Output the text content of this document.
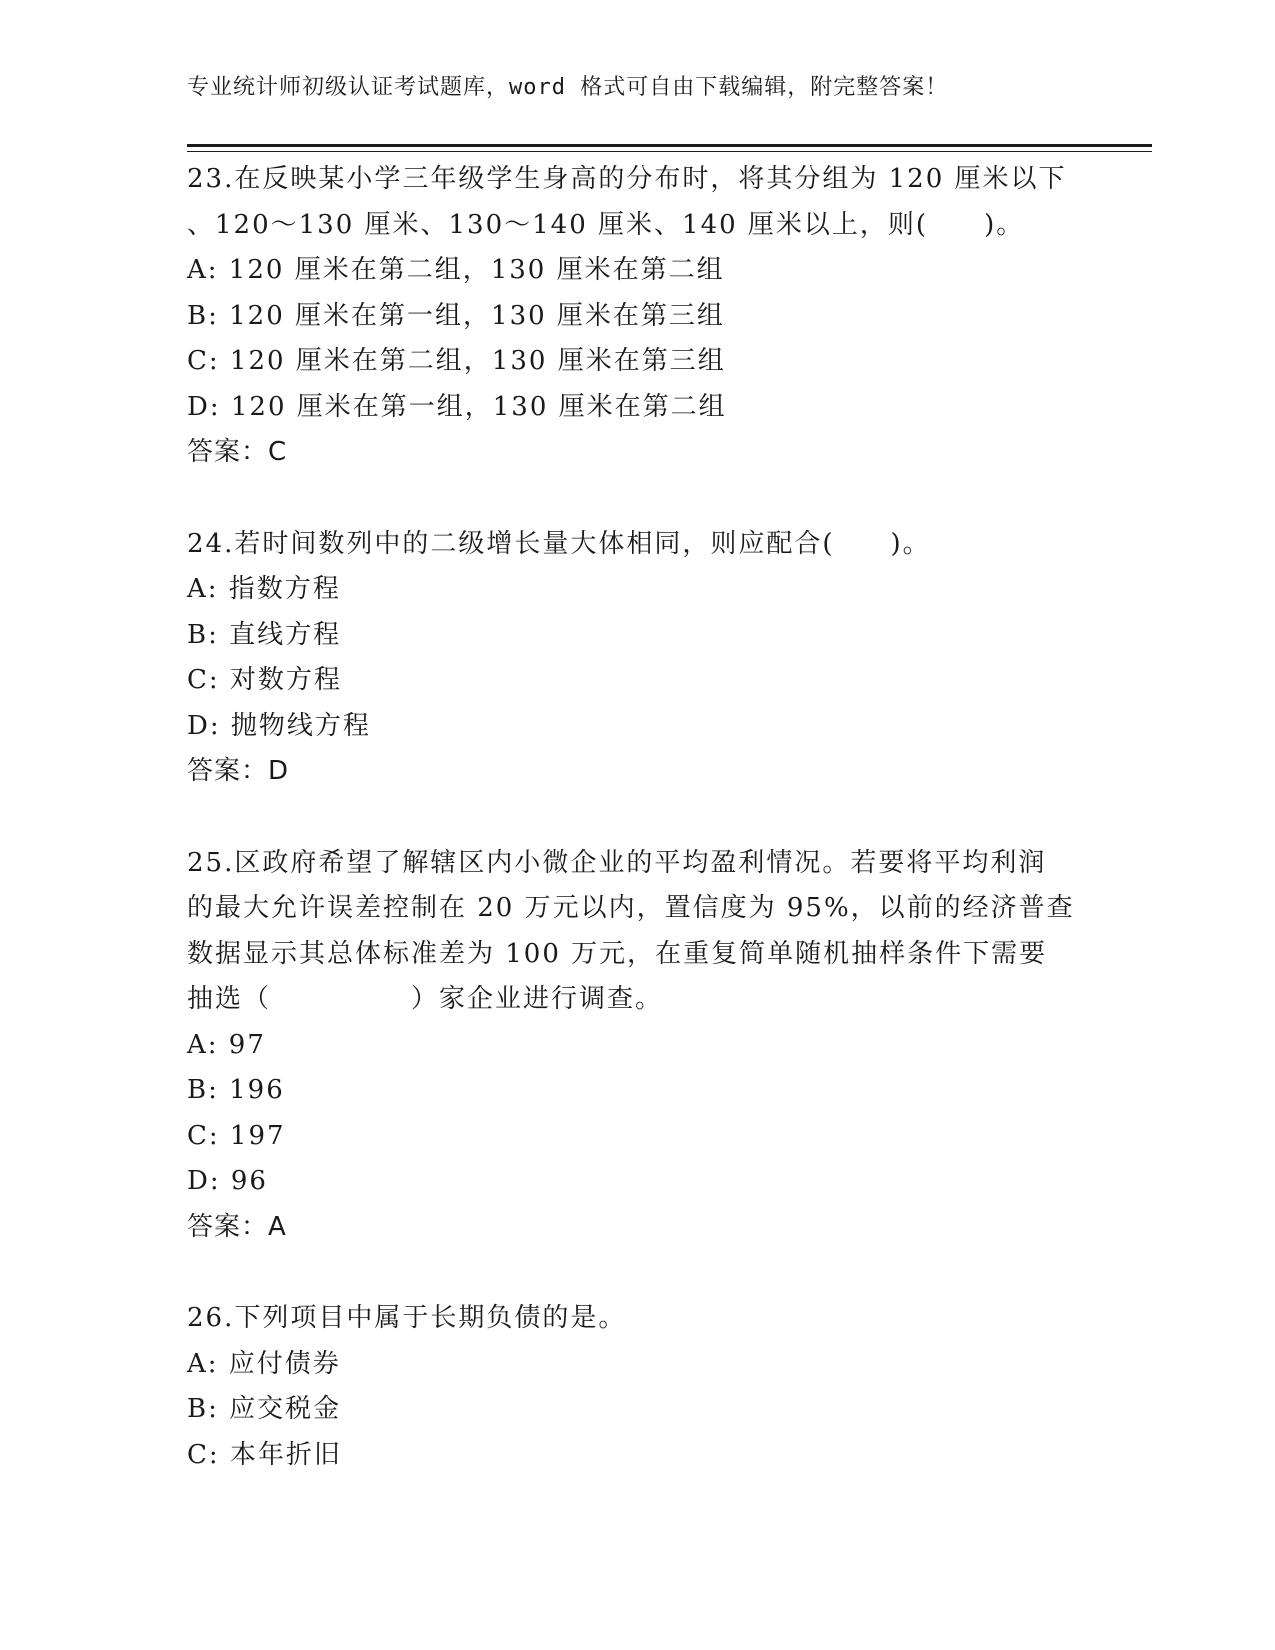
专业统计师初级认证考试题库，word 格式可自由下载编辑，附完整答案！
23.在反映某小学三年级学生身高的分布时，将其分组为 120 厘米以下
、120～130 厘米、130～140 厘米、140 厘米以上，则(　　)。
A: 120 厘米在第二组，130 厘米在第二组
B: 120 厘米在第一组，130 厘米在第三组
C: 120 厘米在第二组，130 厘米在第三组
D: 120 厘米在第一组，130 厘米在第二组
答案：C
24.若时间数列中的二级增长量大体相同，则应配合(　　)。
A: 指数方程
B: 直线方程
C: 对数方程
D: 抛物线方程
答案：D
25.区政府希望了解辖区内小微企业的平均盈利情况。若要将平均利润
的最大允许误差控制在 20 万元以内，置信度为 95%，以前的经济普查
数据显示其总体标准差为 100 万元，在重复简单随机抽样条件下需要
抽选（　　　　　）家企业进行调查。
A: 97
B: 196
C: 197
D: 96
答案：A
26.下列项目中属于长期负债的是。
A: 应付债券
B: 应交税金
C: 本年折旧
